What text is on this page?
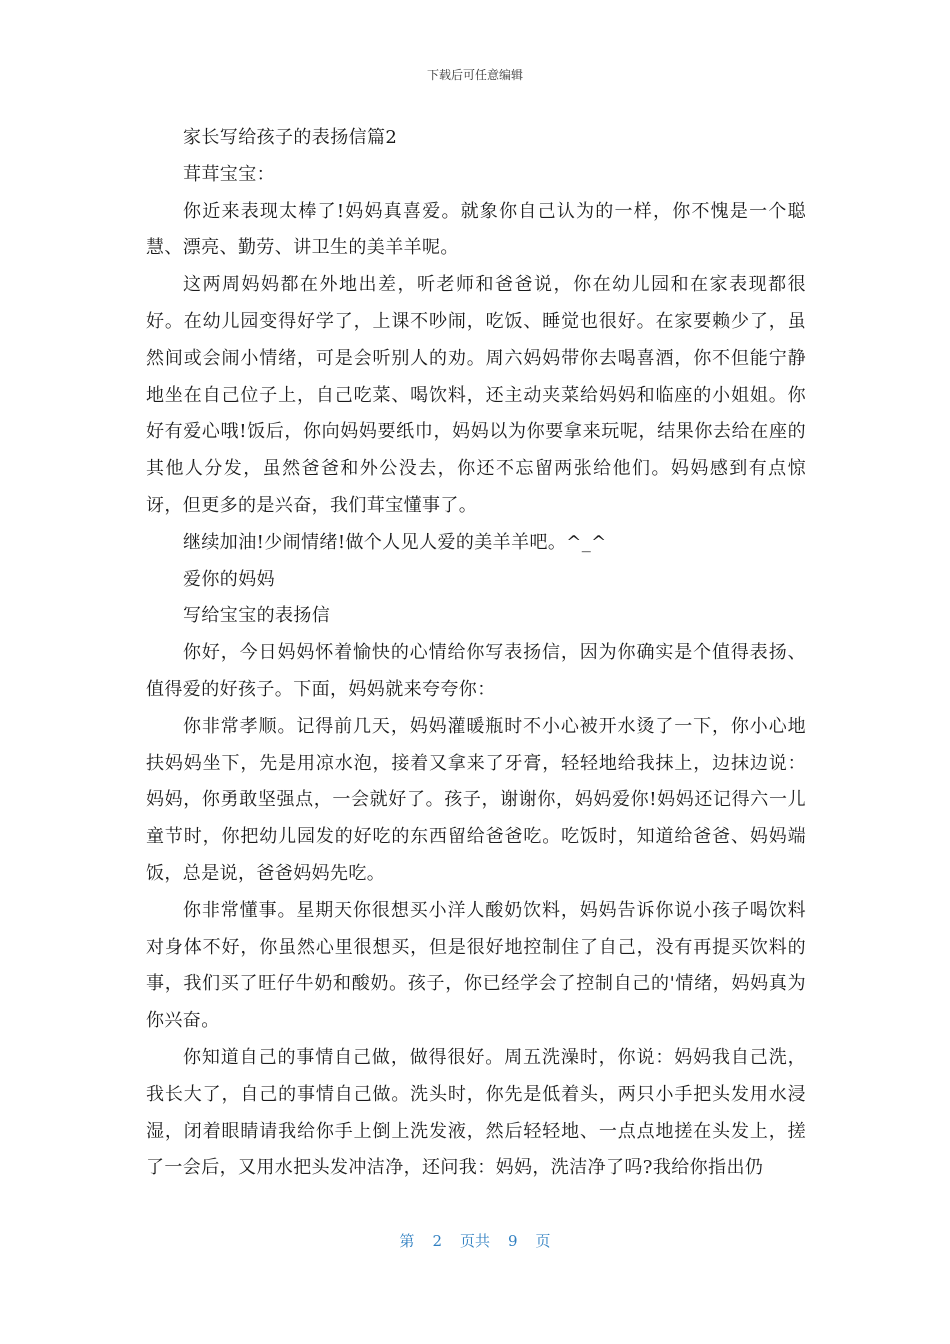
下载后可任意编辑

家长写给孩子的表扬信篇2

茸茸宝宝：

你近来表现太棒了!妈妈真喜爱。就象你自己认为的一样，你不愧是一个聪慧、漂亮、勤劳、讲卫生的美羊羊呢。

这两周妈妈都在外地出差，听老师和爸爸说，你在幼儿园和在家表现都很好。在幼儿园变得好学了，上课不吵闹，吃饭、睡觉也很好。在家要赖少了，虽然间或会闹小情绪，可是会听别人的劝。周六妈妈带你去喝喜酒，你不但能宁静地坐在自己位子上，自己吃菜、喝饮料，还主动夹菜给妈妈和临座的小姐姐。你好有爱心哦!饭后，你向妈妈要纸巾，妈妈以为你要拿来玩呢，结果你去给在座的其他人分发，虽然爸爸和外公没去，你还不忘留两张给他们。妈妈感到有点惊讶，但更多的是兴奋，我们茸宝懂事了。

继续加油!少闹情绪!做个人见人爱的美羊羊吧。^_^

爱你的妈妈

写给宝宝的表扬信

你好，今日妈妈怀着愉快的心情给你写表扬信，因为你确实是个值得表扬、值得爱的好孩子。下面，妈妈就来夸夸你：

你非常孝顺。记得前几天，妈妈灌暖瓶时不小心被开水烫了一下，你小心地扶妈妈坐下，先是用凉水泡，接着又拿来了牙膏，轻轻地给我抹上，边抹边说：妈妈，你勇敢坚强点，一会就好了。孩子，谢谢你，妈妈爱你!妈妈还记得六一儿童节时，你把幼儿园发的好吃的东西留给爸爸吃。吃饭时，知道给爸爸、妈妈端饭，总是说，爸爸妈妈先吃。

你非常懂事。星期天你很想买小洋人酸奶饮料，妈妈告诉你说小孩子喝饮料对身体不好，你虽然心里很想买，但是很好地控制住了自己，没有再提买饮料的事，我们买了旺仔牛奶和酸奶。孩子，你已经学会了控制自己的'情绪，妈妈真为你兴奋。

你知道自己的事情自己做，做得很好。周五洗澡时，你说：妈妈我自己洗，我长大了，自己的事情自己做。洗头时，你先是低着头，两只小手把头发用水浸湿，闭着眼睛请我给你手上倒上洗发液，然后轻轻地、一点点地搓在头发上，搓了一会后，又用水把头发冲洁净，还问我：妈妈，洗洁净了吗?我给你指出仍

第 2 页共 9 页
